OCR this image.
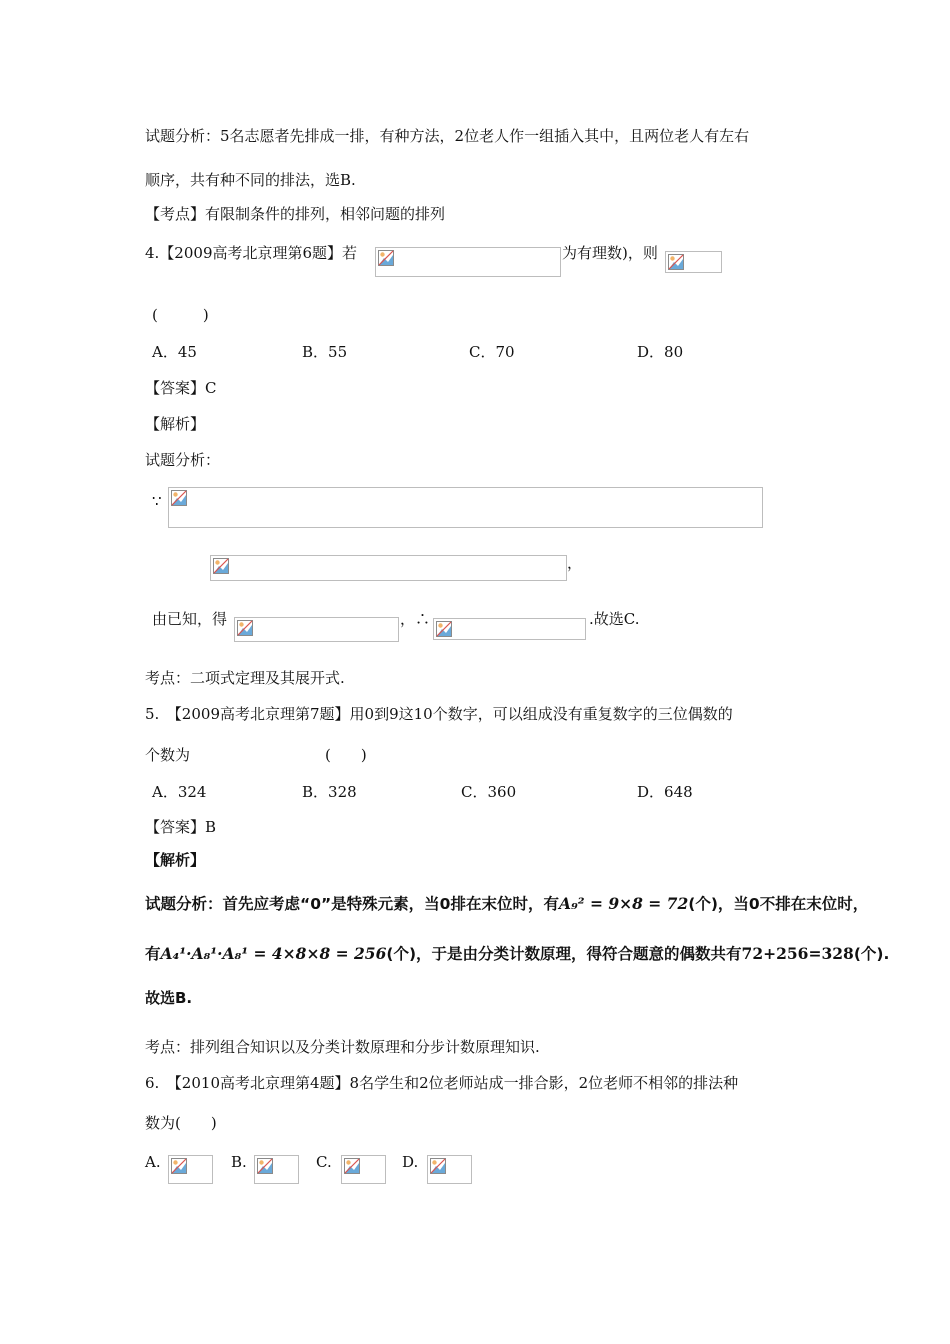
试题分析：5名志愿者先排成一排，有种方法，2位老人作一组插入其中，且两位老人有左右
顺序，共有种不同的排法，选B.
【考点】有限制条件的排列，相邻问题的排列
4.【2009高考北京理第6题】若	为有理数)，则
(　　　)
A．45	B．55	C．70	D．80
【答案】C
【解析】
试题分析：
∵
，
由已知，得	，∴	.故选C.
考点：二项式定理及其展开式.
5.　【2009高考北京理第7题】用0到9这10个数字，可以组成没有重复数字的三位偶数的
个数为　　　　　　　　　(　　)
A．324	B．328	C．360	D．648
【答案】B
【解析】
试题分析：首先应考虑“0”是特殊元素，当0排在末位时，有A₉² = 9×8 = 72(个)，当0不排在末位时，
有A₄¹·A₈¹·A₈¹ = 4×8×8 = 256(个)，于是由分类计数原理，得符合题意的偶数共有72+256=328(个).
故选B.
考点：排列组合知识以及分类计数原理和分步计数原理知识.
6.　【2010高考北京理第4题】8名学生和2位老师站成一排合影，2位老师不相邻的排法种
数为(　　)
A.	B.	C.	D.
